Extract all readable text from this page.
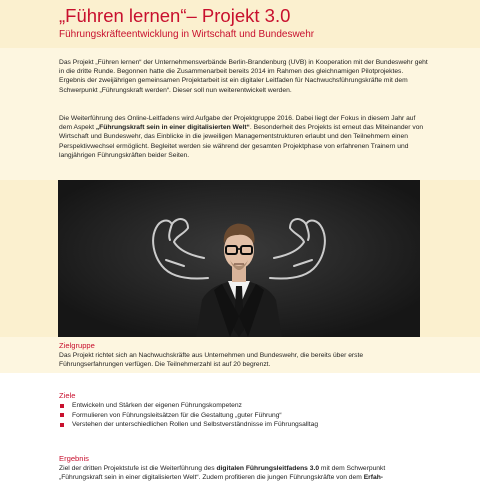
„Führen lernen“– Projekt 3.0
Führungskräfteentwicklung in Wirtschaft und Bundeswehr

Das Projekt „Führen lernen“ der Unternehmensverbände Berlin-Brandenburg (UVB) in Kooperation mit der Bundeswehr geht in die dritte Runde. Begonnen hatte die Zusammenarbeit bereits 2014 im Rahmen des gleichnamigen Pilotprojektes. Ergebnis der zweijährigen gemeinsamen Projektarbeit ist ein digitaler Leitfaden für Nachwuchsführungskräfte mit dem Schwerpunkt „Führungskraft werden“. Dieser soll nun weiterentwickelt werden.

Die Weiterführung des Online-Leitfadens wird Aufgabe der Projektgruppe 2016. Dabei liegt der Fokus in diesem Jahr auf dem Aspekt „Führungskraft sein in einer digitalisierten Welt“. Besonderheit des Projekts ist erneut das Miteinander von Wirtschaft und Bundeswehr, das Einblicke in die jeweiligen Managementstrukturen erlaubt und den Teilnehmern einen Perspektivwechsel ermöglicht. Begleitet werden sie während der gesamten Projektphase von erfahrenen Trainern und langjährigen Führungskräften beider Seiten.

Zielgruppe

Das Projekt richtet sich an Nachwuchskräfte aus Unternehmen und Bundeswehr, die bereits über erste Führungserfahrungen verfügen. Die Teilnehmerzahl ist auf 20 begrenzt.

Ziele
Entwickeln und Stärken der eigenen Führungskompetenz
Formulieren von Führungsleitsätzen für die Gestaltung „guter Führung“
Verstehen der unterschiedlichen Rollen und Selbstverständnisse im Führungsalltag
Ergebnis

Ziel der dritten Projektstufe ist die Weiterführung des digitalen Führungsleitfadens 3.0 mit dem Schwerpunkt „Führungskraft sein in einer digitalisierten Welt“. Zudem profitieren die jungen Führungskräfte von dem Erfah-
